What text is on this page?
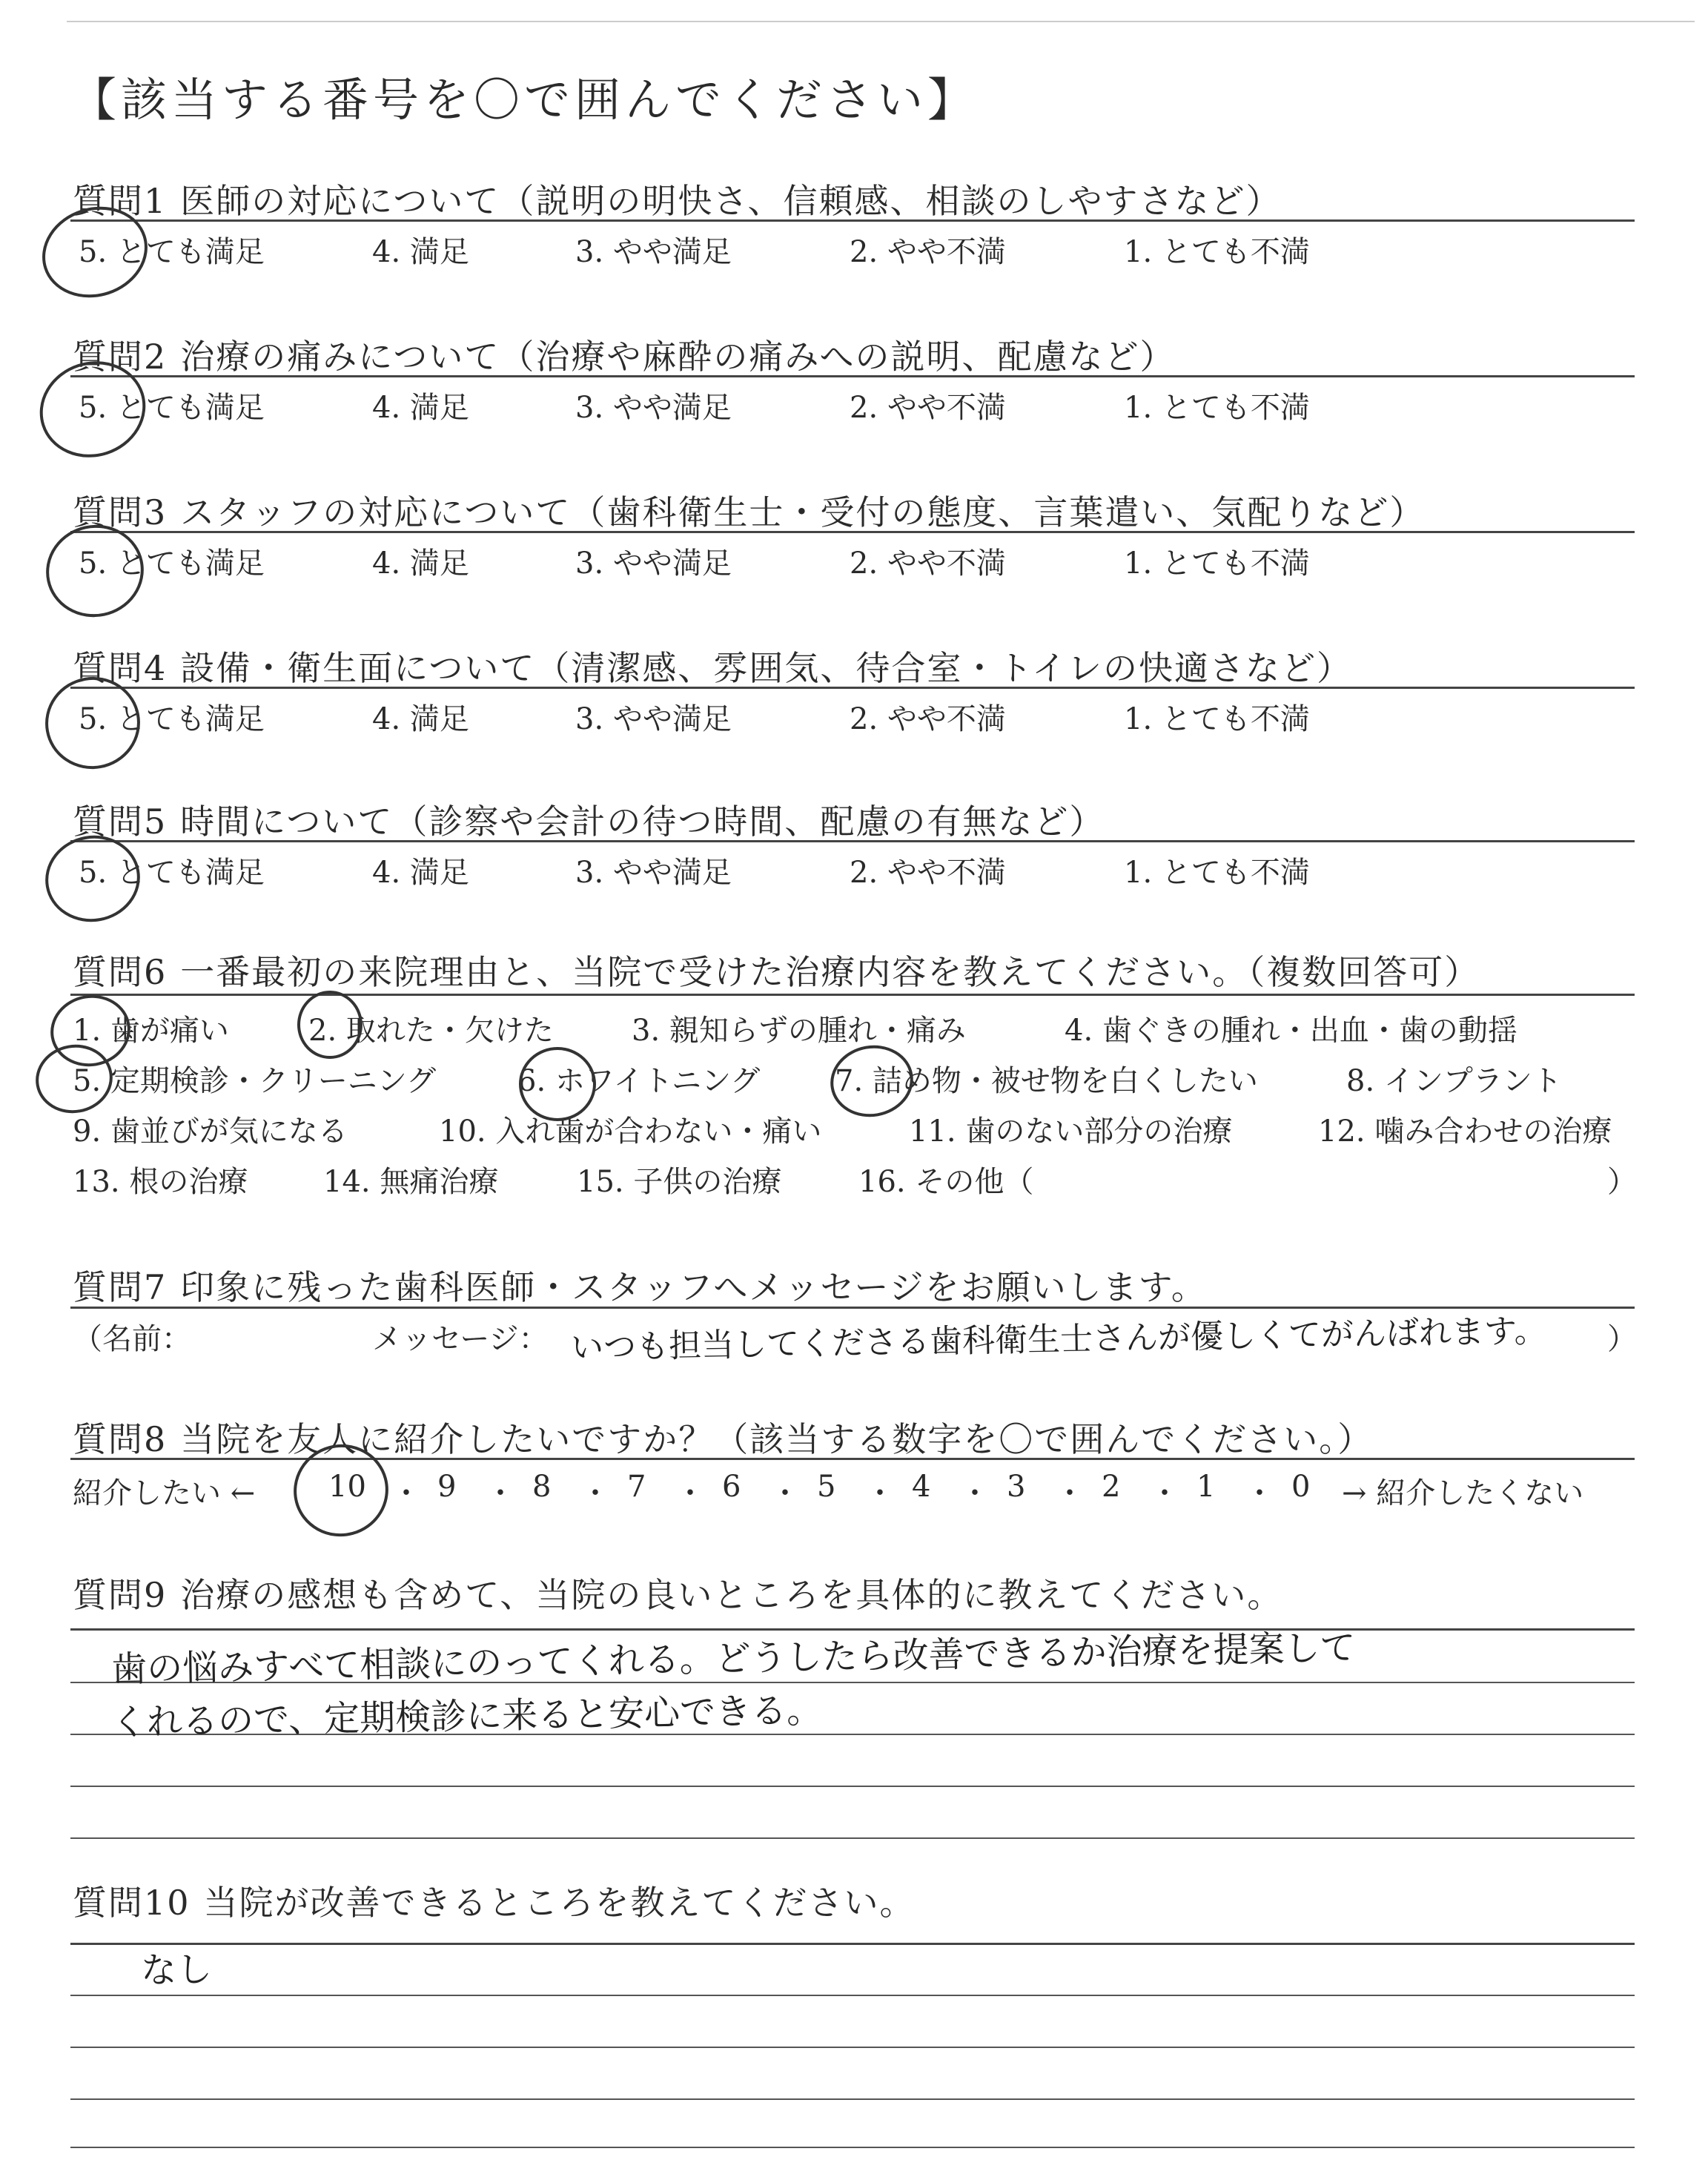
【該当する番号を〇で囲んでください】
質問1 医師の対応について（説明の明快さ、信頼感、相談のしやすさなど）
5. とても満足	4. 満足	3. やや満足	2. やや不満	1. とても不満
質問2 治療の痛みについて（治療や麻酔の痛みへの説明、配慮など）
5. とても満足	4. 満足	3. やや満足	2. やや不満	1. とても不満
質問3 スタッフの対応について（歯科衛生士・受付の態度、言葉遣い、気配りなど）
5. とても満足	4. 満足	3. やや満足	2. やや不満	1. とても不満
質問4 設備・衛生面について（清潔感、雰囲気、待合室・トイレの快適さなど）
5. とても満足	4. 満足	3. やや満足	2. やや不満	1. とても不満
質問5 時間について（診察や会計の待つ時間、配慮の有無など）
5. とても満足	4. 満足	3. やや満足	2. やや不満	1. とても不満
質問6 一番最初の来院理由と、当院で受けた治療内容を教えてください。（複数回答可）
1. 歯が痛い	2. 取れた・欠けた	3. 親知らずの腫れ・痛み	4. 歯ぐきの腫れ・出血・歯の動揺
5. 定期検診・クリーニング	6. ホワイトニング	7. 詰め物・被せ物を白くしたい	8. インプラント
9. 歯並びが気になる	10. 入れ歯が合わない・痛い	11. 歯のない部分の治療	12. 噛み合わせの治療
13. 根の治療	14. 無痛治療	15. 子供の治療	16. その他（	）
質問7 印象に残った歯科医師・スタッフへメッセージをお願いします。
（名前：	メッセージ：	）
いつも担当してくださる歯科衛生士さんが優しくてがんばれます。
質問8 当院を友人に紹介したいですか？（該当する数字を〇で囲んでください。）
紹介したい ← 10 ・ 9 ・ 8 ・ 7 ・ 6 ・ 5 ・ 4 ・ 3 ・ 2 ・ 1 ・ 0 → 紹介したくない
質問9 治療の感想も含めて、当院の良いところを具体的に教えてください。
歯の悩みすべて相談にのってくれる。どうしたら改善できるか治療を提案して
くれるので、定期検診に来ると安心できる。
質問10 当院が改善できるところを教えてください。
なし
